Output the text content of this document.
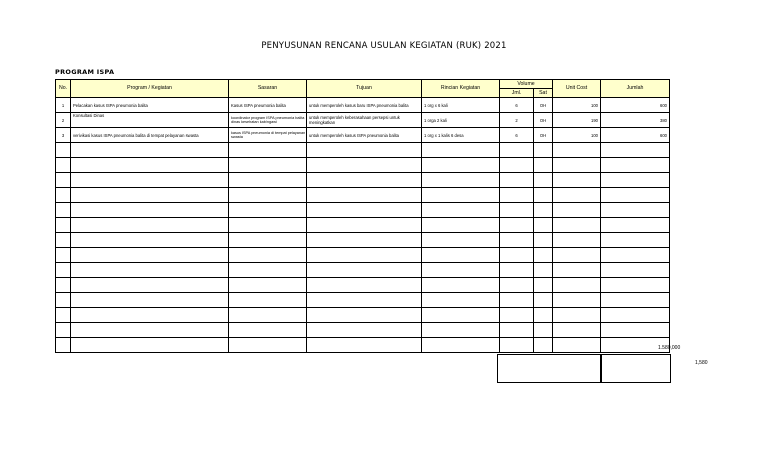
PENYUSUNAN RENCANA USULAN KEGIATAN (RUK) 2021
PROGRAM ISPA
No.	Program / Kegiatan	Sasaran	Tujuan	Rincian Kegiatan	Volume		Unit Cost	Jumlah
					Jml.	Sat		
1	Pelacakan kasus ISPA pneumonia balita	Kasus ISPA pneumonia balita	untuk memperoleh kasus baru ISPA pneumonia balita	1 org x 6 kali	6	OH	100	600
2	Konsultasi Dinas	koordinator program ISPA pneumonia balita dinas kesehatan kab/ngawi	untuk memperoleh keberasahaan persepsi untuk meningkatkan	1 orga 2 kali	2	OH	190	380
3	verivikasi kasus ISPA pneumonia balita di tempat pelayanan swasta	kasus ISPA pneumonia di tempat pelayanan swasta	untuk memperoleh kasus ISPA pneumonia balita	1 org x 1 kalis 6 desa	6	OH	100	600

1.580,000
1,580
